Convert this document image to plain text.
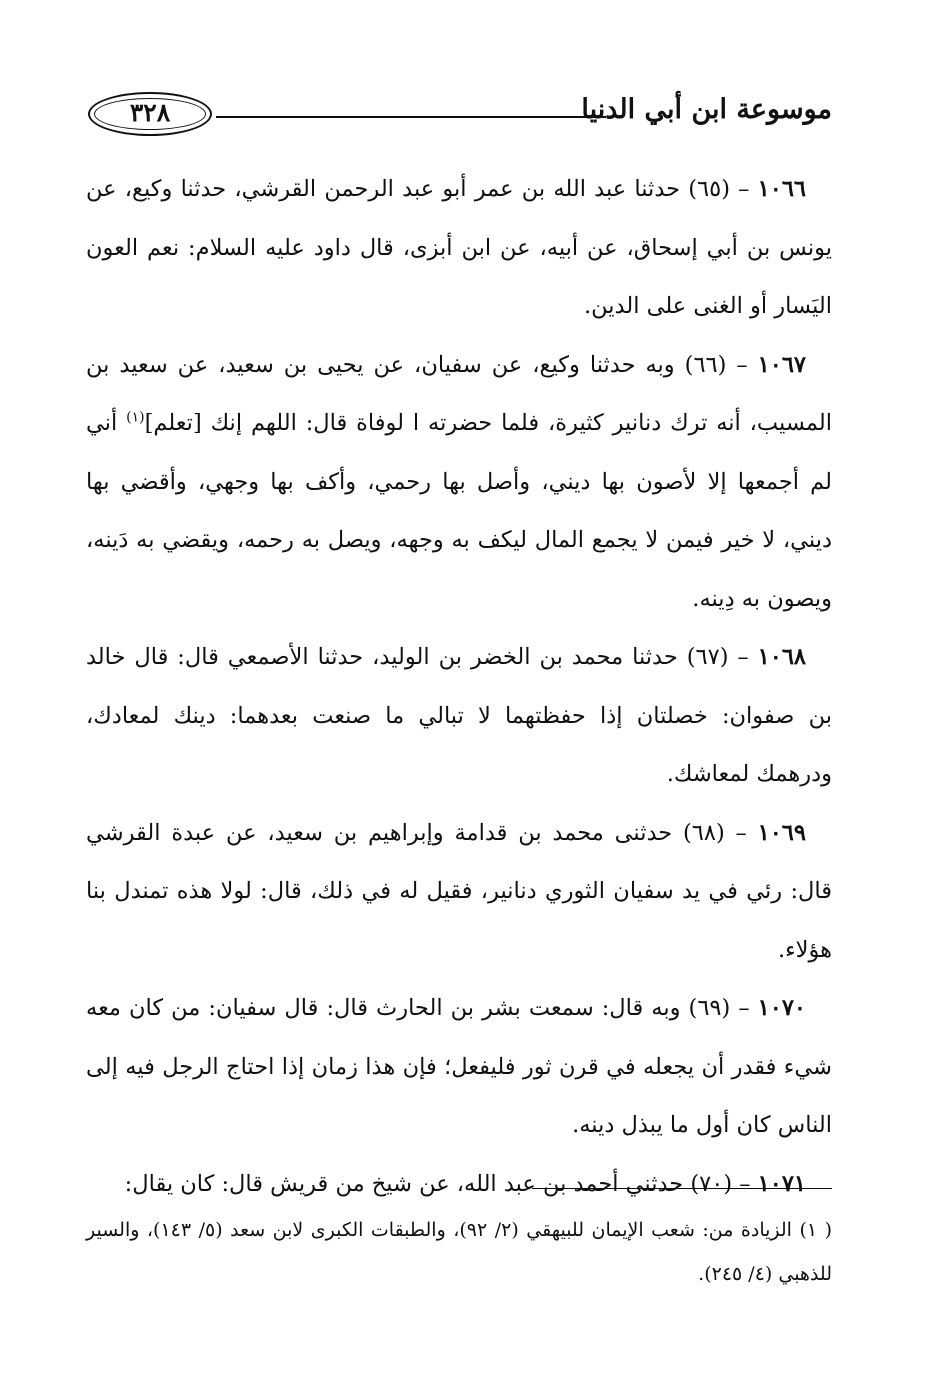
موسوعة ابن أبي الدنيا
٣٢٨

١٠٦٦ – (٦٥) حدثنا عبد الله بن عمر أبو عبد الرحمن القرشي، حدثنا وكيع، عن يونس بن أبي إسحاق، عن أبيه، عن ابن أبزى، قال داود عليه السلام: نعم العون اليَسار أو الغنى على الدين.

١٠٦٧ – (٦٦) وبه حدثنا وكيع، عن سفيان، عن يحيى بن سعيد، عن سعيد بن المسيب، أنه ترك دنانير كثيرة، فلما حضرته ا لوفاة قال: اللهم إنك [تعلم]$^{(١)}$ أني لم أجمعها إلا لأصون بها ديني، وأصل بها رحمي، وأكف بها وجهي، وأقضي بها ديني، لا خير فيمن لا يجمع المال ليكف به وجهه، ويصل به رحمه، ويقضي به دَينه، ويصون به دِينه.

١٠٦٨ – (٦٧) حدثنا محمد بن الخضر بن الوليد، حدثنا الأصمعي قال: قال خالد بن صفوان: خصلتان إذا حفظتهما لا تبالي ما صنعت بعدهما: دينك لمعادك، ودرهمك لمعاشك.

١٠٦٩ – (٦٨) حدثنى محمد بن قدامة وإبراهيم بن سعيد، عن عبدة القرشي قال: رئي في يد سفيان الثوري دنانير، فقيل له في ذلك، قال: لولا هذه تمندل بنا هؤلاء.

١٠٧٠ – (٦٩) وبه قال: سمعت بشر بن الحارث قال: قال سفيان: من كان معه شيء فقدر أن يجعله في قرن ثور فليفعل؛ فإن هذا زمان إذا احتاج الرجل فيه إلى الناس كان أول ما يبذل دينه.

١٠٧١ – (٧٠) حدثني أحمد بن عبد الله، عن شيخ من قريش قال: كان يقال:

( ١) الزيادة من: شعب الإيمان للبيهقي (٢/ ٩٢)، والطبقات الكبرى لابن سعد (٥/ ١٤٣)، والسير للذهبي (٤/ ٢٤٥).
